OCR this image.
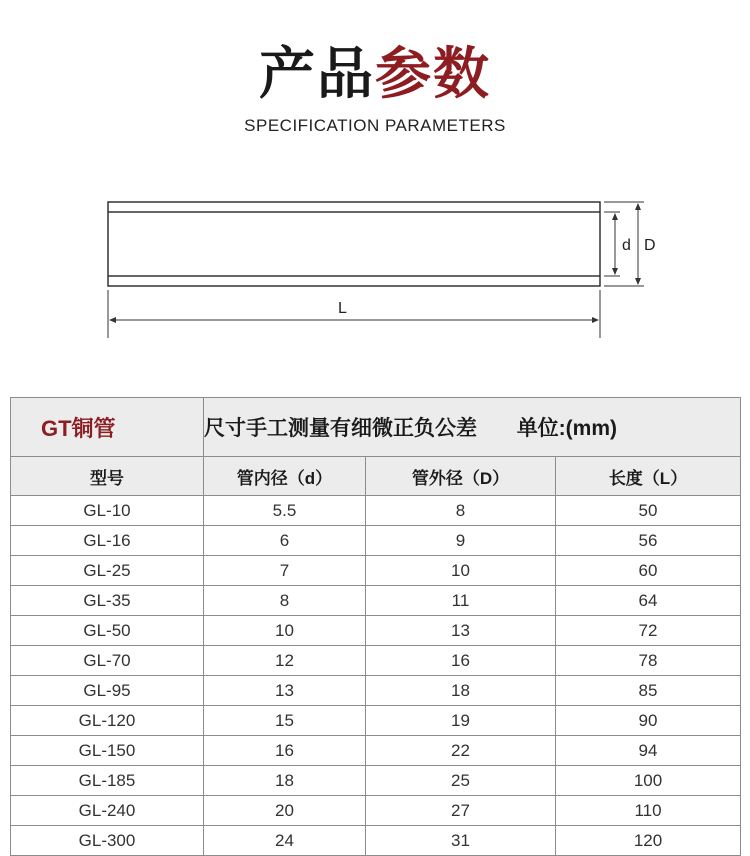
产品参数
SPECIFICATION PARAMETERS
d D
L
GT铜管	尺寸手工测量有细微正负公差 单位:(mm)		
型号	管内径（d）	管外径（D）	长度（L）
GL-10	5.5	8	50
GL-16	6	9	56
GL-25	7	10	60
GL-35	8	11	64
GL-50	10	13	72
GL-70	12	16	78
GL-95	13	18	85
GL-120	15	19	90
GL-150	16	22	94
GL-185	18	25	100
GL-240	20	27	110
GL-300	24	31	120
